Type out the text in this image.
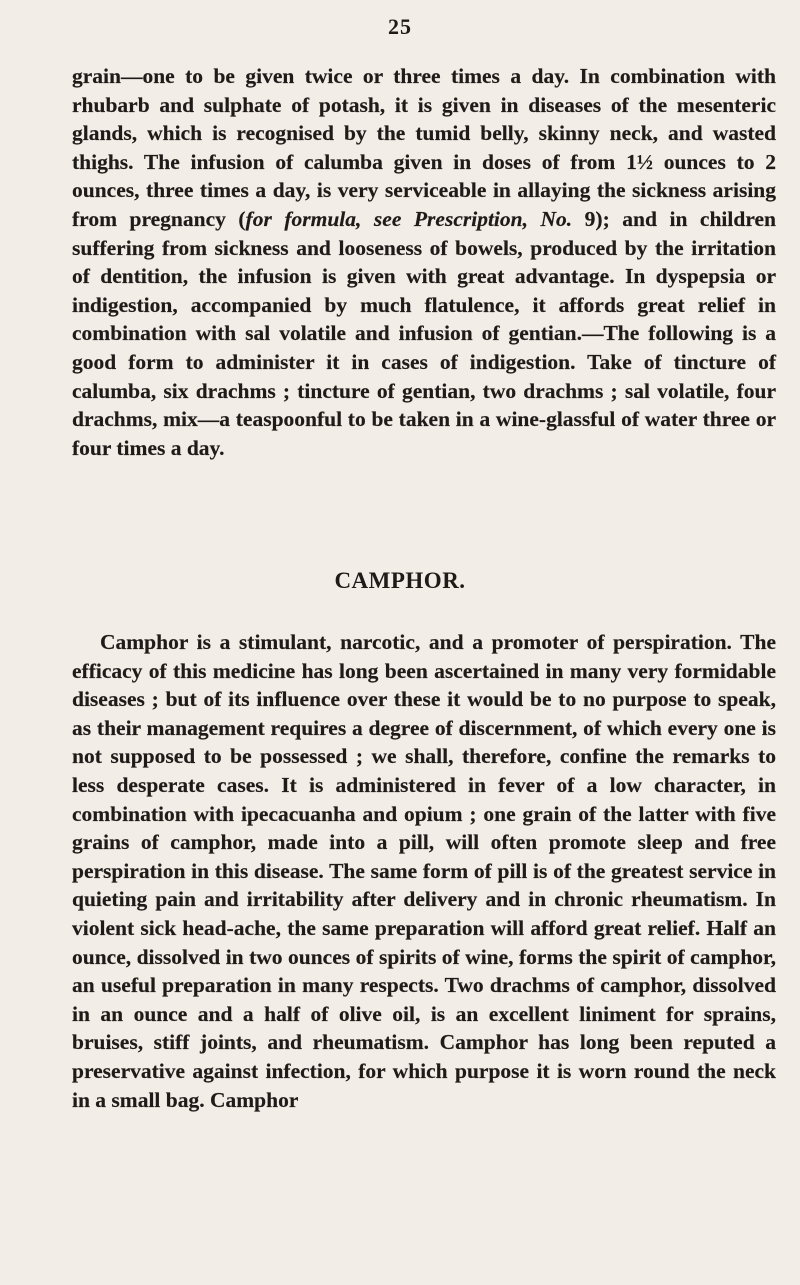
25

grain—one to be given twice or three times a day. In combination with rhubarb and sulphate of potash, it is given in diseases of the mesenteric glands, which is recognised by the tumid belly, skinny neck, and wasted thighs. The infusion of calumba given in doses of from 1½ ounces to 2 ounces, three times a day, is very serviceable in allaying the sickness arising from pregnancy (for formula, see Prescription, No. 9); and in children suffering from sickness and looseness of bowels, produced by the irritation of dentition, the infusion is given with great advantage. In dyspepsia or indigestion, accompanied by much flatulence, it affords great relief in combination with sal volatile and infusion of gentian.—The following is a good form to administer it in cases of indigestion. Take of tincture of calumba, six drachms ; tincture of gentian, two drachms ; sal volatile, four drachms, mix—a teaspoonful to be taken in a wine-glassful of water three or four times a day.

CAMPHOR.

Camphor is a stimulant, narcotic, and a promoter of perspiration. The efficacy of this medicine has long been ascertained in many very formidable diseases ; but of its influence over these it would be to no purpose to speak, as their management requires a degree of discernment, of which every one is not supposed to be possessed ; we shall, therefore, confine the remarks to less desperate cases. It is administered in fever of a low character, in combination with ipecacuanha and opium ; one grain of the latter with five grains of camphor, made into a pill, will often promote sleep and free perspiration in this disease. The same form of pill is of the greatest service in quieting pain and irritability after delivery and in chronic rheumatism. In violent sick head-ache, the same preparation will afford great relief. Half an ounce, dissolved in two ounces of spirits of wine, forms the spirit of camphor, an useful preparation in many respects. Two drachms of camphor, dissolved in an ounce and a half of olive oil, is an excellent liniment for sprains, bruises, stiff joints, and rheumatism. Camphor has long been reputed a preservative against infection, for which purpose it is worn round the neck in a small bag. Camphor
